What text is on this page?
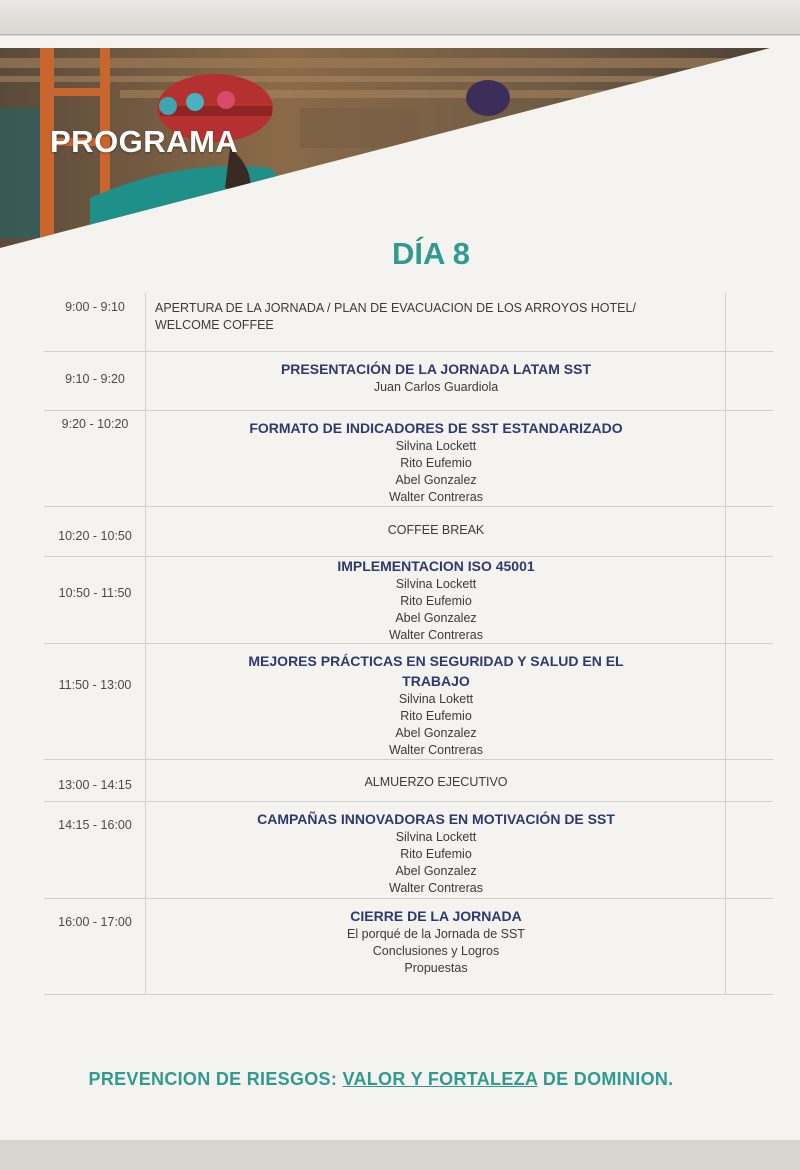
PROGRAMA
DÍA 8
9:00 - 9:10	APERTURA DE LA JORNADA / PLAN DE EVACUACION DE LOS ARROYOS HOTEL/
WELCOME COFFEE
9:10 - 9:20
PRESENTACIÓN DE LA JORNADA LATAM SST
Juan Carlos Guardiola
9:20 - 10:20	FORMATO DE INDICADORES DE SST ESTANDARIZADO
Silvina Lockett
Rito Eufemio
Abel Gonzalez
Walter Contreras
10:20 - 10:50	COFFEE BREAK
10:50 - 11:50
IMPLEMENTACION ISO 45001
Silvina Lockett
Rito Eufemio
Abel Gonzalez
Walter Contreras
11:50 - 13:00
MEJORES PRÁCTICAS EN SEGURIDAD Y SALUD EN EL
TRABAJO
Silvina Lokett
Rito Eufemio
Abel Gonzalez
Walter Contreras
13:00 - 14:15	ALMUERZO EJECUTIVO
14:15 - 16:00	CAMPAÑAS INNOVADORAS EN MOTIVACIÓN DE SST
Silvina Lockett
Rito Eufemio
Abel Gonzalez
Walter Contreras
16:00 - 17:00	CIERRE DE LA JORNADA
El porqué de la Jornada de SST
Conclusiones y Logros
Propuestas
PREVENCION DE RIESGOS: VALOR Y FORTALEZA DE DOMINION.
